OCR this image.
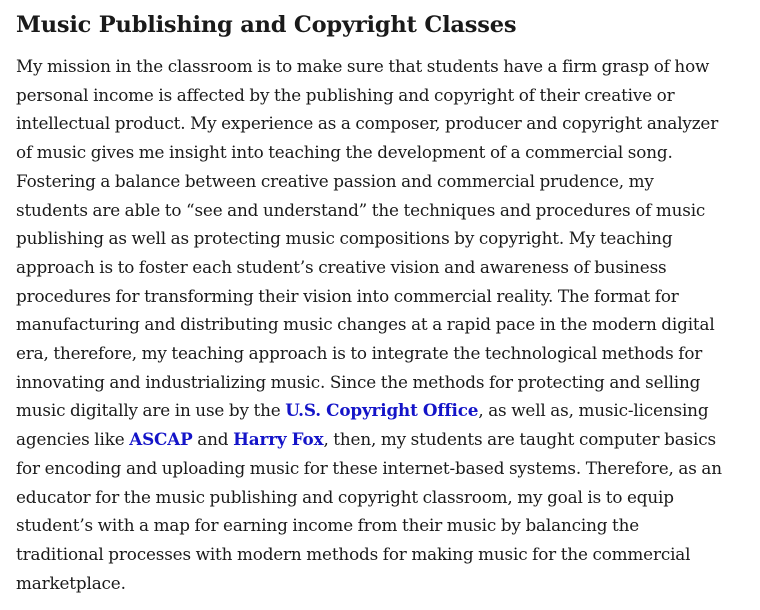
Music Publishing and Copyright Classes

My mission in the classroom is to make sure that students have a firm grasp of how
personal income is affected by the publishing and copyright of their creative or
intellectual product. My experience as a composer, producer and copyright analyzer
of music gives me insight into teaching the development of a commercial song.
Fostering a balance between creative passion and commercial prudence, my
students are able to “see and understand” the techniques and procedures of music
publishing as well as protecting music compositions by copyright. My teaching
approach is to foster each student’s creative vision and awareness of business
procedures for transforming their vision into commercial reality. The format for
manufacturing and distributing music changes at a rapid pace in the modern digital
era, therefore, my teaching approach is to integrate the technological methods for
innovating and industrializing music. Since the methods for protecting and selling
music digitally are in use by the U.S. Copyright Office, as well as, music-licensing
agencies like ASCAP and Harry Fox, then, my students are taught computer basics
for encoding and uploading music for these internet-based systems. Therefore, as an
educator for the music publishing and copyright classroom, my goal is to equip
student’s with a map for earning income from their music by balancing the
traditional processes with modern methods for making music for the commercial
marketplace.
